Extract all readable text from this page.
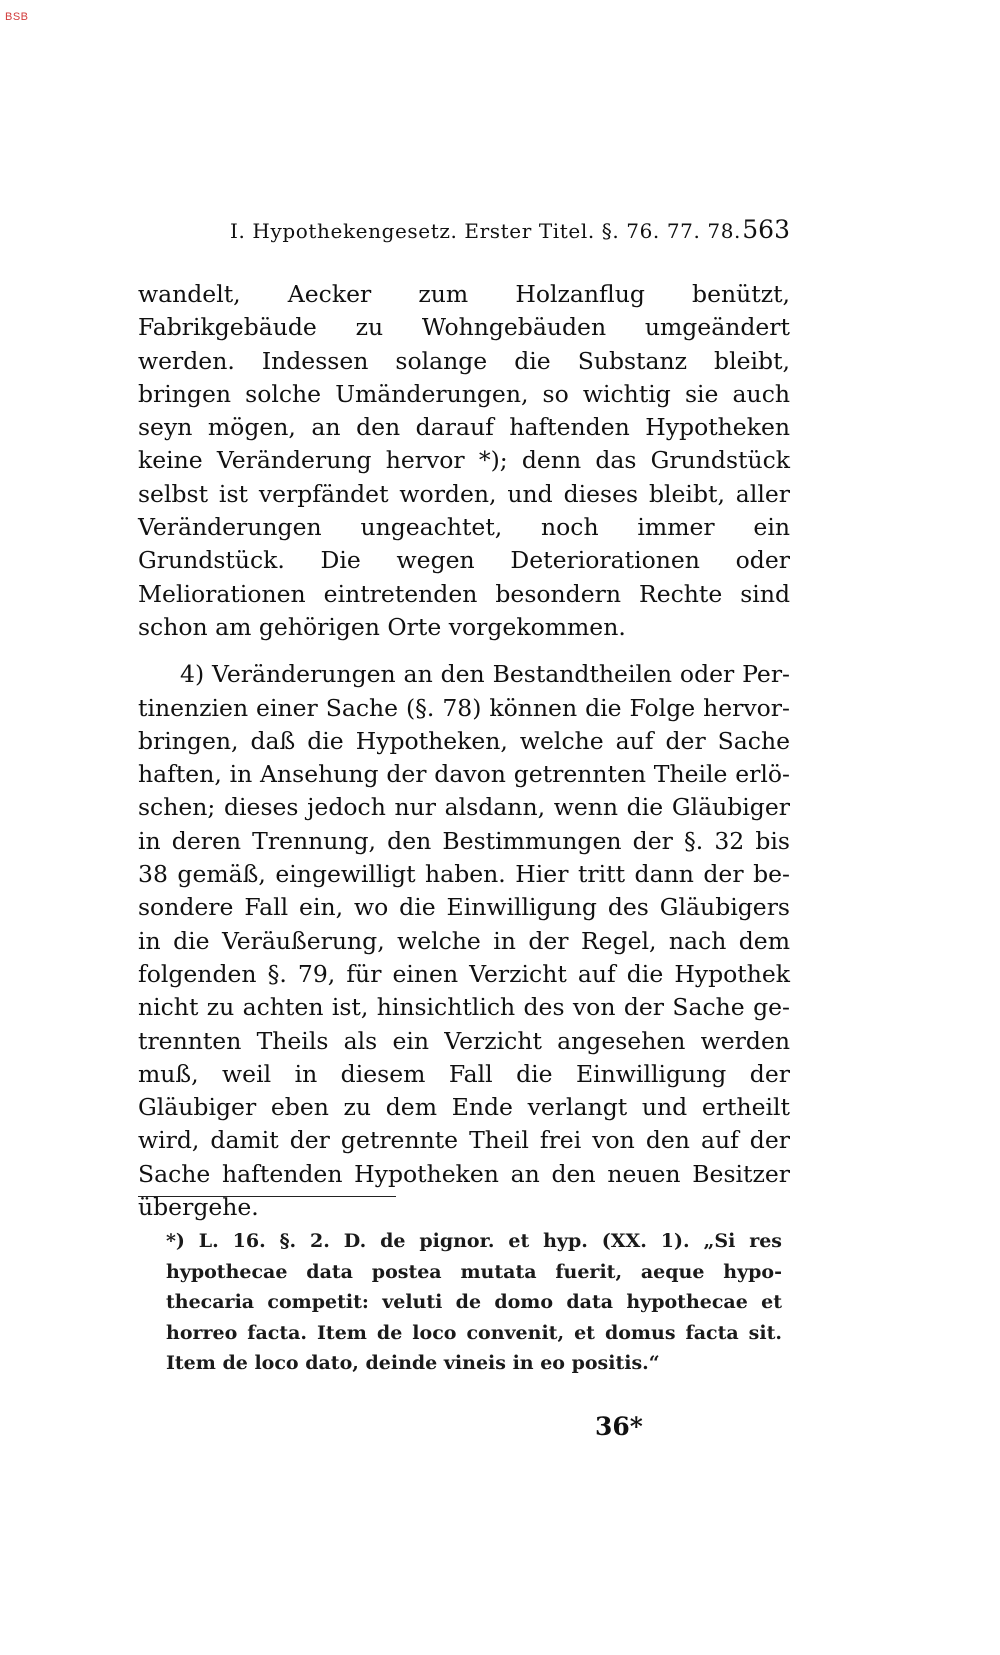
BSB
I. Hypothekengesetz. Erster Titel. §. 76. 77. 78. 563

wandelt, Aecker zum Holzanflug benützt, Fabrikgebäude zu Wohngebäuden umgeändert werden. Indessen solange die Substanz bleibt, bringen solche Umänderungen, so wichtig sie auch seyn mögen, an den darauf haftenden Hypotheken keine Veränderung hervor *); denn das Grundstück selbst ist verpfändet worden, und dieses bleibt, aller Veränderungen ungeachtet, noch immer ein Grundstück. Die wegen Deteriorationen oder Meliorationen eintretenden besondern Rechte sind schon am gehörigen Orte vorgekommen.

4) Veränderungen an den Bestandtheilen oder Pertinenzien einer Sache (§. 78) können die Folge hervorbringen, daß die Hypotheken, welche auf der Sache haften, in Ansehung der davon getrennten Theile erlöschen; dieses jedoch nur alsdann, wenn die Gläubiger in deren Trennung, den Bestimmungen der §. 32 bis 38 gemäß, eingewilligt haben. Hier tritt dann der besondere Fall ein, wo die Einwilligung des Gläubigers in die Veräußerung, welche in der Regel, nach dem folgenden §. 79, für einen Verzicht auf die Hypothek nicht zu achten ist, hinsichtlich des von der Sache getrennten Theils als ein Verzicht angesehen werden muß, weil in diesem Fall die Einwilligung der Gläubiger eben zu dem Ende verlangt und ertheilt wird, damit der getrennte Theil frei von den auf der Sache haftenden Hypotheken an den neuen Besitzer übergehe.

*) L. 16. §. 2. D. de pignor. et hyp. (XX. 1). „Si res hypothecae data postea mutata fuerit, aeque hypothecaria competit: veluti de domo data hypothecae et horreo facta. Item de loco convenit, et domus facta sit. Item de loco dato, deinde vineis in eo positis.“
36*
